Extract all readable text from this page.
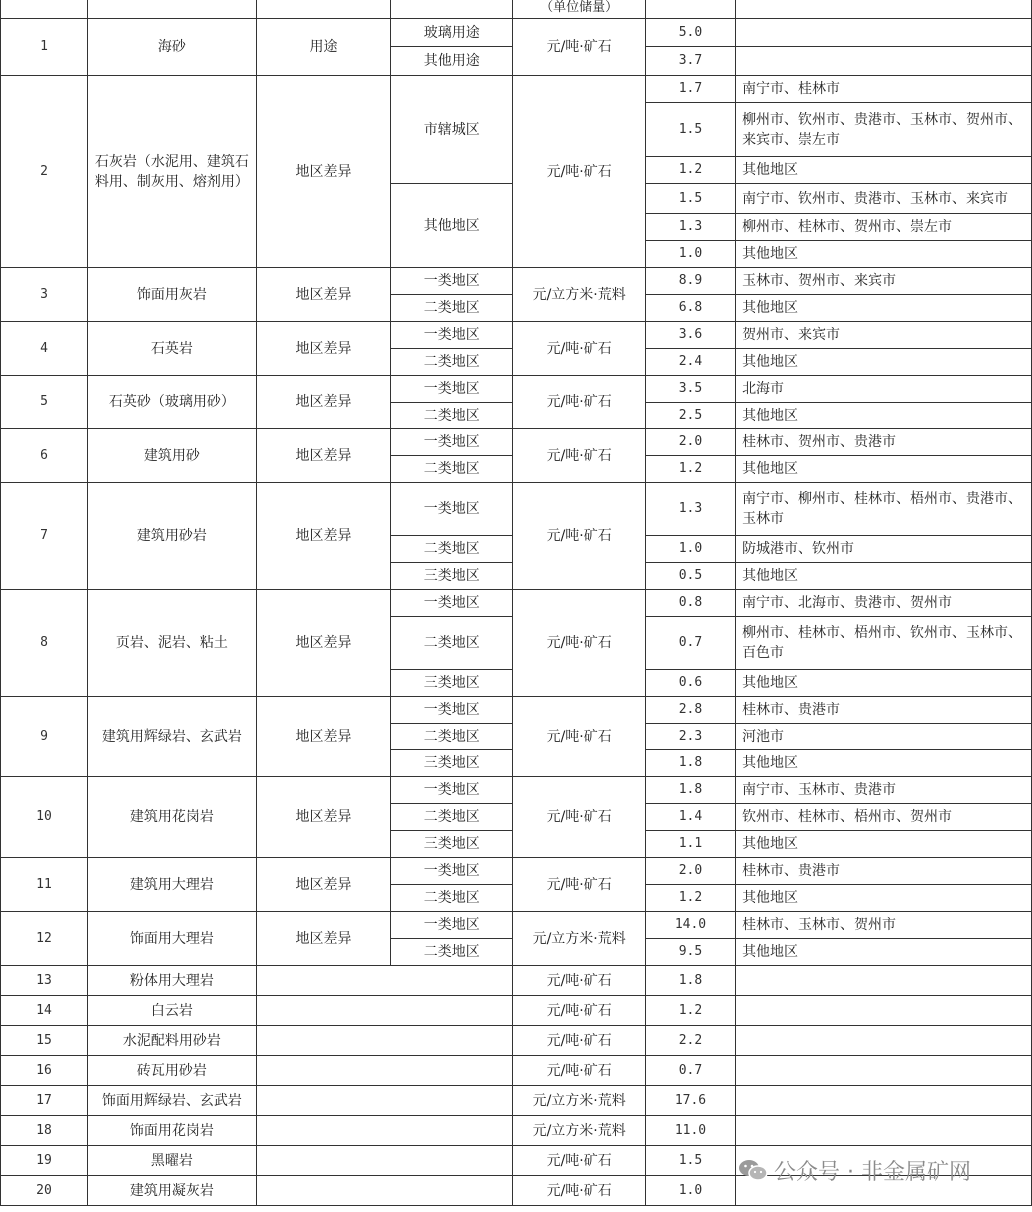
				（单位储量）		
1	海砂	用途	玻璃用途	元/吨·矿石	5.0	
			其他用途		3.7	
2	石灰岩（水泥用、建筑石料用、制灰用、熔剂用）	地区差异	市辖城区	元/吨·矿石	1.7	南宁市、桂林市
					1.5	柳州市、钦州市、贵港市、玉林市、贺州市、来宾市、崇左市
					1.2	其他地区
			其他地区		1.5	南宁市、钦州市、贵港市、玉林市、来宾市
					1.3	柳州市、桂林市、贺州市、崇左市
					1.0	其他地区
3	饰面用灰岩	地区差异	一类地区	元/立方米·荒料	8.9	玉林市、贺州市、来宾市
			二类地区		6.8	其他地区
4	石英岩	地区差异	一类地区	元/吨·矿石	3.6	贺州市、来宾市
			二类地区		2.4	其他地区
5	石英砂（玻璃用砂）	地区差异	一类地区	元/吨·矿石	3.5	北海市
			二类地区		2.5	其他地区
6	建筑用砂	地区差异	一类地区	元/吨·矿石	2.0	桂林市、贺州市、贵港市
			二类地区		1.2	其他地区
7	建筑用砂岩	地区差异	一类地区	元/吨·矿石	1.3	南宁市、柳州市、桂林市、梧州市、贵港市、玉林市
			二类地区		1.0	防城港市、钦州市
			三类地区		0.5	其他地区
8	页岩、泥岩、粘土	地区差异	一类地区	元/吨·矿石	0.8	南宁市、北海市、贵港市、贺州市
			二类地区		0.7	柳州市、桂林市、梧州市、钦州市、玉林市、百色市
			三类地区		0.6	其他地区
9	建筑用辉绿岩、玄武岩	地区差异	一类地区	元/吨·矿石	2.8	桂林市、贵港市
			二类地区		2.3	河池市
			三类地区		1.8	其他地区
10	建筑用花岗岩	地区差异	一类地区	元/吨·矿石	1.8	南宁市、玉林市、贵港市
			二类地区		1.4	钦州市、桂林市、梧州市、贺州市
			三类地区		1.1	其他地区
11	建筑用大理岩	地区差异	一类地区	元/吨·矿石	2.0	桂林市、贵港市
			二类地区		1.2	其他地区
12	饰面用大理岩	地区差异	一类地区	元/立方米·荒料	14.0	桂林市、玉林市、贺州市
			二类地区		9.5	其他地区
13	粉体用大理岩			元/吨·矿石	1.8	
14	白云岩			元/吨·矿石	1.2	
15	水泥配料用砂岩			元/吨·矿石	2.2	
16	砖瓦用砂岩			元/吨·矿石	0.7	
17	饰面用辉绿岩、玄武岩			元/立方米·荒料	17.6	
18	饰面用花岗岩			元/立方米·荒料	11.0	
19	黑曜岩			元/吨·矿石	1.5	
20	建筑用凝灰岩			元/吨·矿石	1.0	
公众号 · 非金属矿网
